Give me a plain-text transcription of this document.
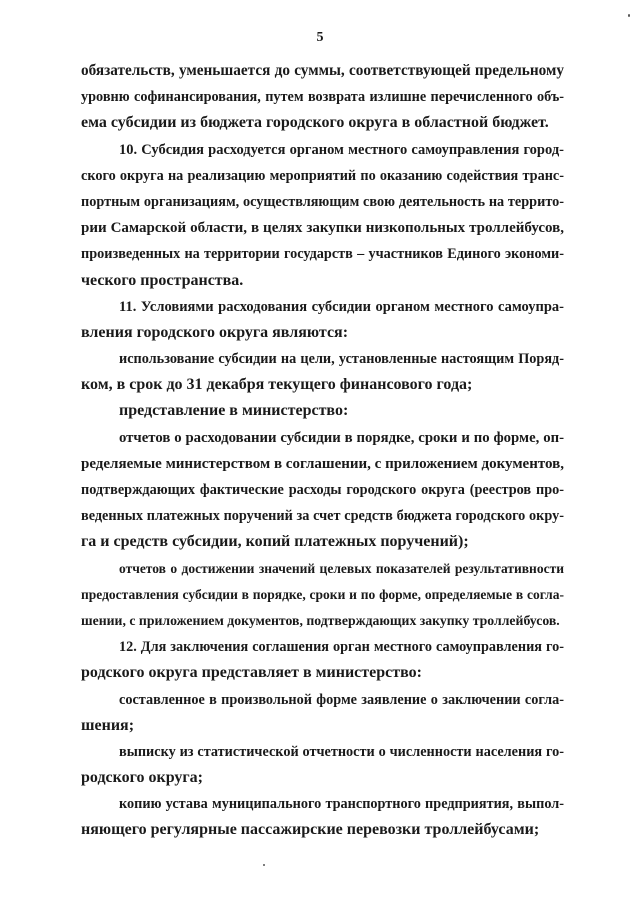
5
обязательств, уменьшается до суммы, соответствующей предельному
уровню софинансирования, путем возврата излишне перечисленного объ-
ема субсидии из бюджета городского округа в областной бюджет.
10. Субсидия расходуется органом местного самоуправления город-
ского округа на реализацию мероприятий по оказанию содействия транс-
портным организациям, осуществляющим свою деятельность на террито-
рии Самарской области, в целях закупки низкопольных троллейбусов,
произведенных на территории государств – участников Единого экономи-
ческого пространства.
11. Условиями расходования субсидии органом местного самоупра-
вления городского округа являются:
использование субсидии на цели, установленные настоящим Поряд-
ком, в срок до 31 декабря текущего финансового года;
представление в министерство:
отчетов о расходовании субсидии в порядке, сроки и по форме, оп-
ределяемые министерством в соглашении, с приложением документов,
подтверждающих фактические расходы городского округа (реестров про-
веденных платежных поручений за счет средств бюджета городского окру-
га и средств субсидии, копий платежных поручений);
отчетов о достижении значений целевых показателей результативности
предоставления субсидии в порядке, сроки и по форме, определяемые в согла-
шении, с приложением документов, подтверждающих закупку троллейбусов.
12. Для заключения соглашения орган местного самоуправления го-
родского округа представляет в министерство:
составленное в произвольной форме заявление о заключении согла-
шения;
выписку из статистической отчетности о численности населения го-
родского округа;
копию устава муниципального транспортного предприятия, выпол-
няющего регулярные пассажирские перевозки троллейбусами;
